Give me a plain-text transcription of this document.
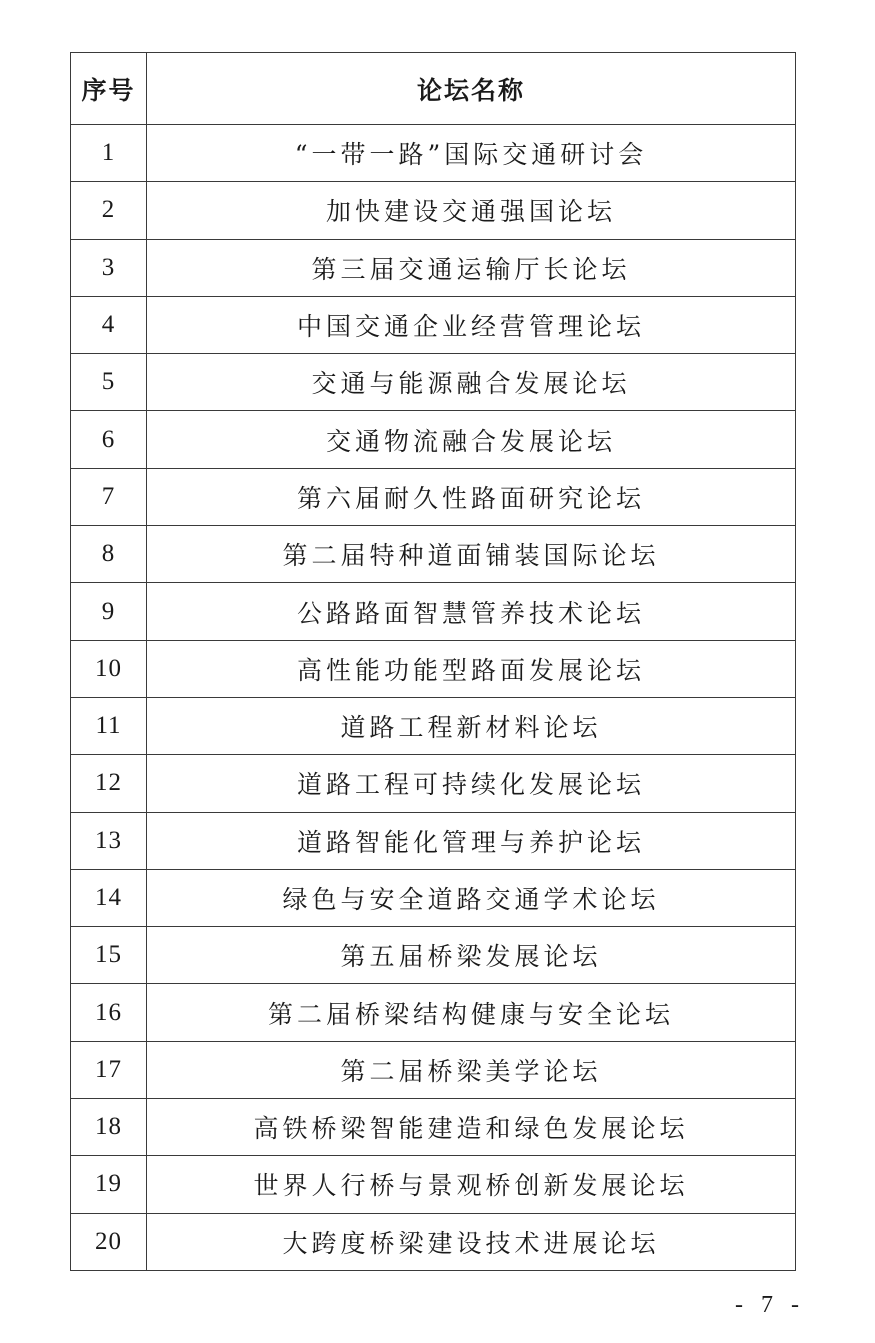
序号	论坛名称
1	“一带一路”国际交通研讨会
2	加快建设交通强国论坛
3	第三届交通运输厅长论坛
4	中国交通企业经营管理论坛
5	交通与能源融合发展论坛
6	交通物流融合发展论坛
7	第六届耐久性路面研究论坛
8	第二届特种道面铺装国际论坛
9	公路路面智慧管养技术论坛
10	高性能功能型路面发展论坛
11	道路工程新材料论坛
12	道路工程可持续化发展论坛
13	道路智能化管理与养护论坛
14	绿色与安全道路交通学术论坛
15	第五届桥梁发展论坛
16	第二届桥梁结构健康与安全论坛
17	第二届桥梁美学论坛
18	高铁桥梁智能建造和绿色发展论坛
19	世界人行桥与景观桥创新发展论坛
20	大跨度桥梁建设技术进展论坛
- 7 -
